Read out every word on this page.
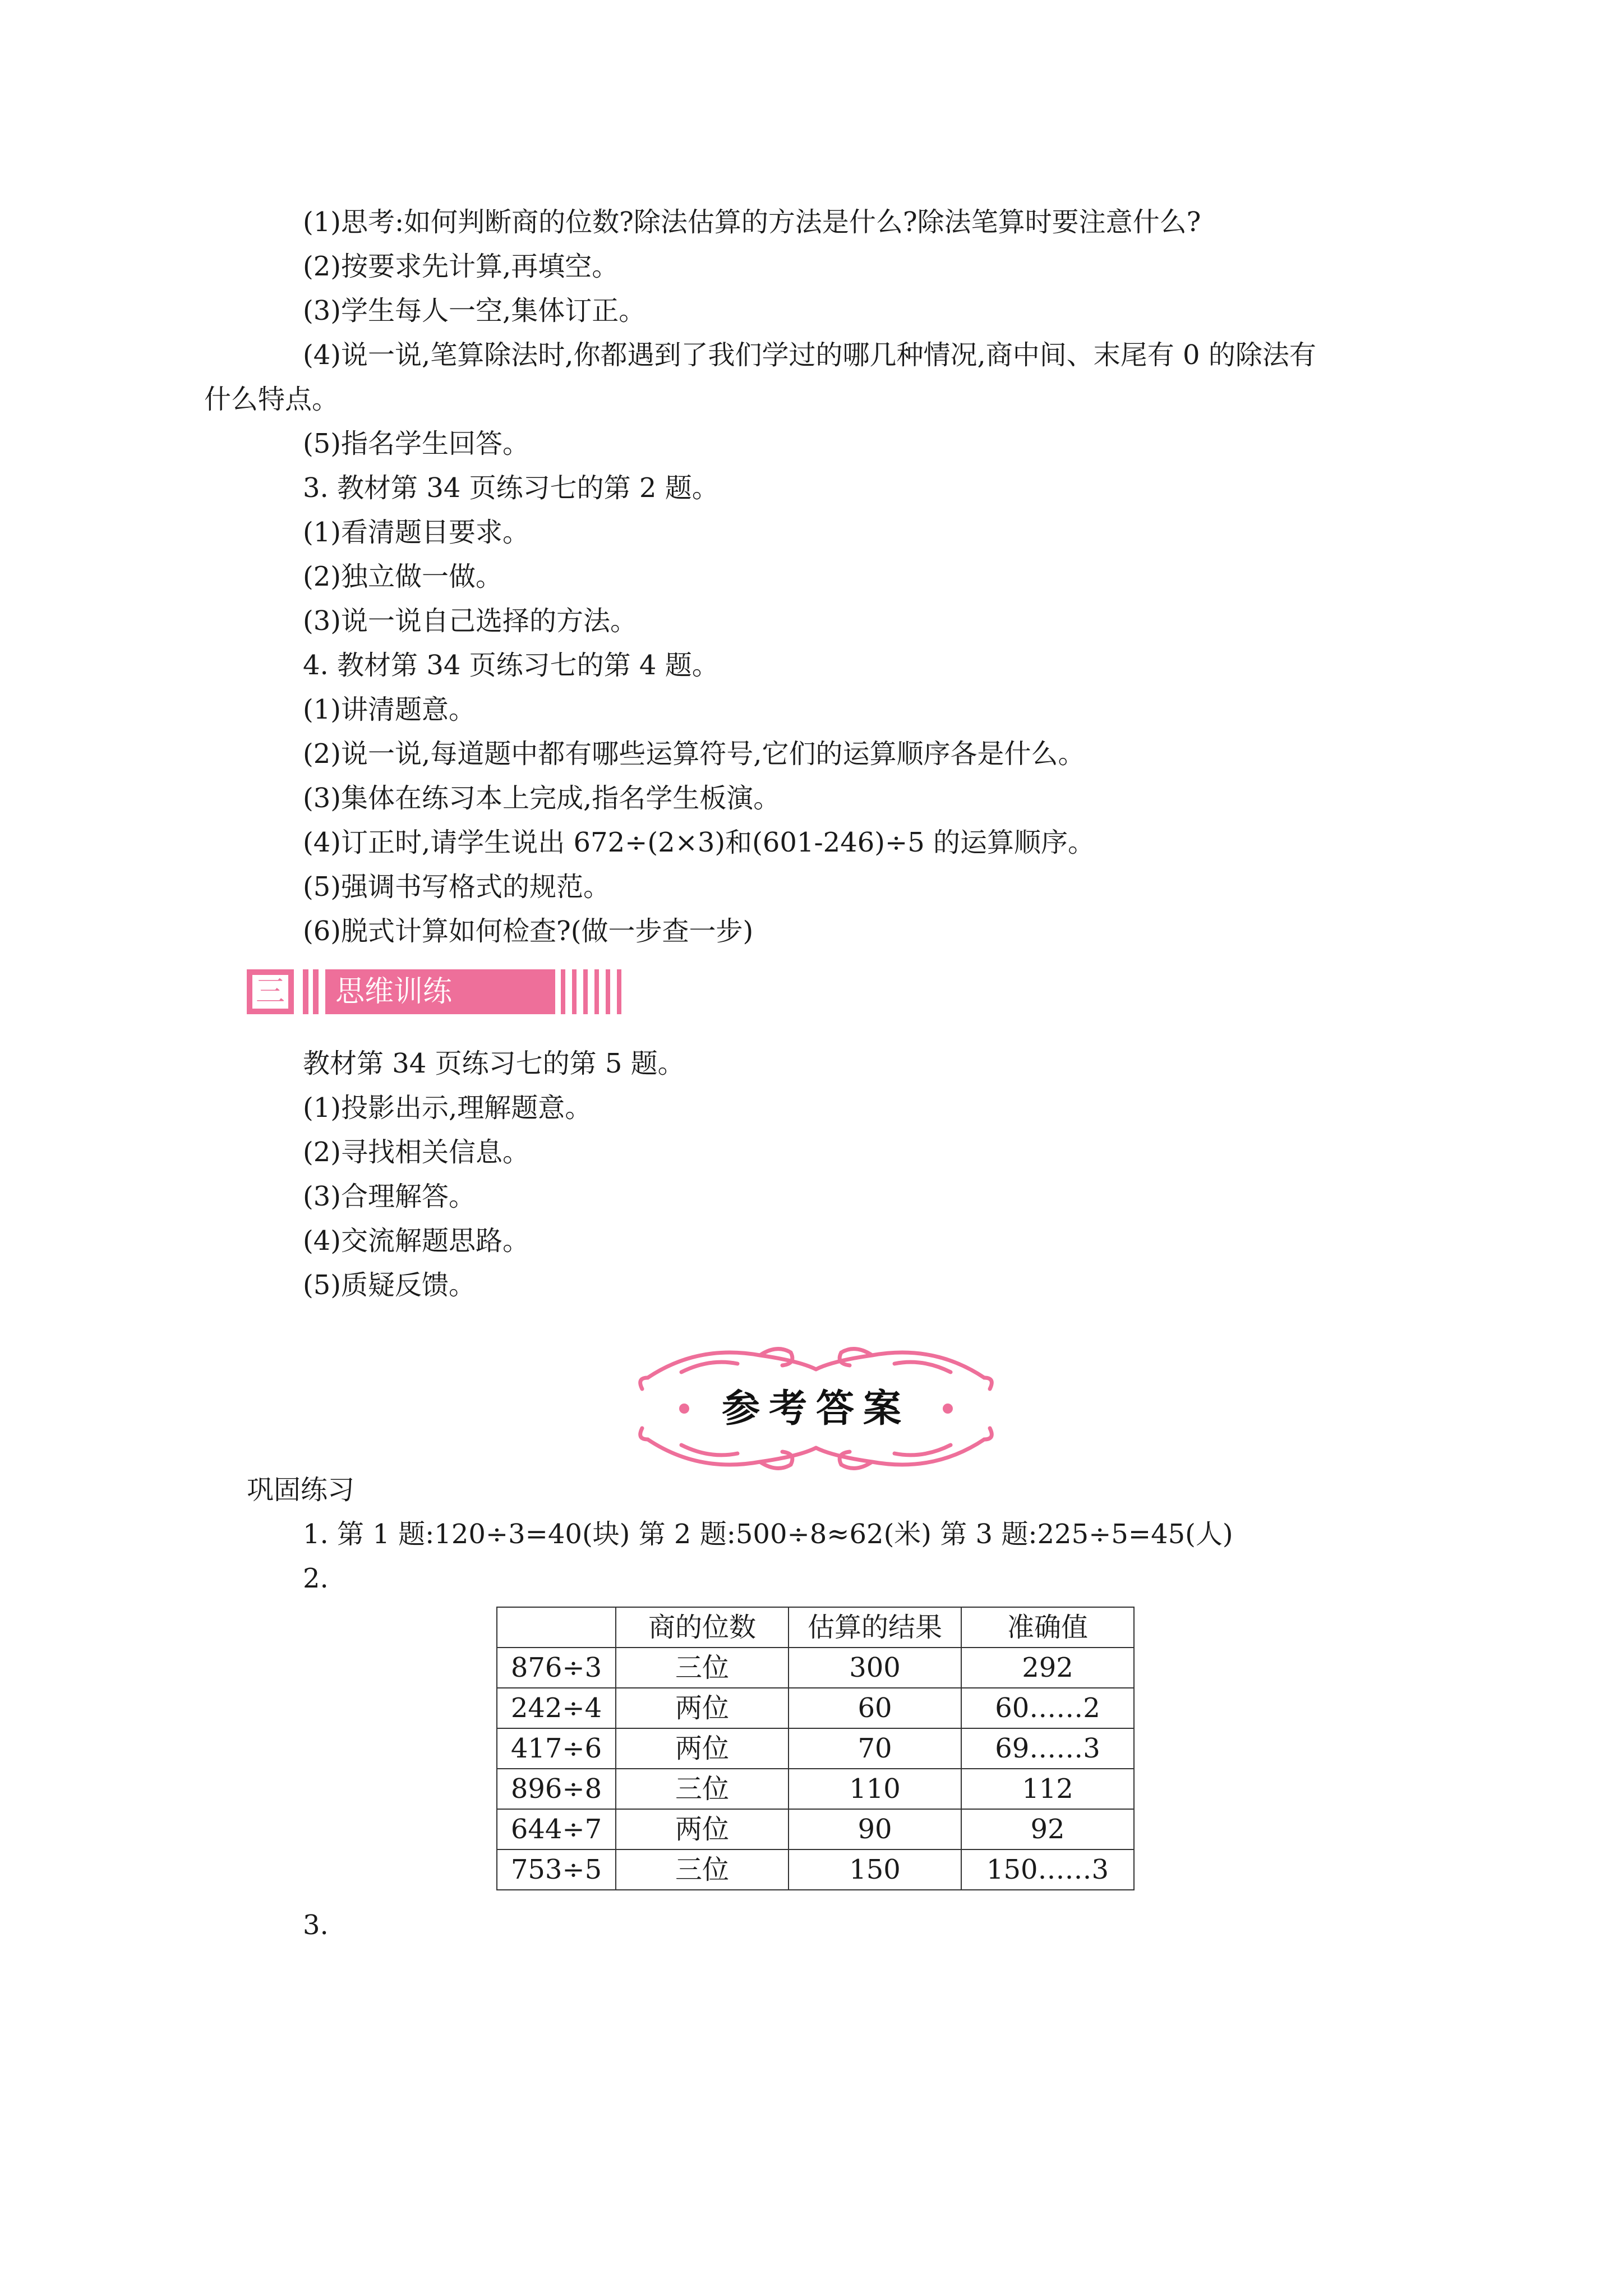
(1)思考:如何判断商的位数?除法估算的方法是什么?除法笔算时要注意什么?
(2)按要求先计算,再填空。
(3)学生每人一空,集体订正。
(4)说一说,笔算除法时,你都遇到了我们学过的哪几种情况,商中间、末尾有 0 的除法有
什么特点。
(5)指名学生回答。
3. 教材第 34 页练习七的第 2 题。
(1)看清题目要求。
(2)独立做一做。
(3)说一说自己选择的方法。
4. 教材第 34 页练习七的第 4 题。
(1)讲清题意。
(2)说一说,每道题中都有哪些运算符号,它们的运算顺序各是什么。
(3)集体在练习本上完成,指名学生板演。
(4)订正时,请学生说出 672÷(2×3)和(601-246)÷5 的运算顺序。
(5)强调书写格式的规范。
(6)脱式计算如何检查?(做一步查一步)
三	思维训练
教材第 34 页练习七的第 5 题。
(1)投影出示,理解题意。
(2)寻找相关信息。
(3)合理解答。
(4)交流解题思路。
(5)质疑反馈。
参考答案
巩固练习
1. 第 1 题:120÷3=40(块) 第 2 题:500÷8≈62(米) 第 3 题:225÷5=45(人)
2.
	商的位数	估算的结果	准确值
876÷3	三位	300	292
242÷4	两位	60	60……2
417÷6	两位	70	69……3
896÷8	三位	110	112
644÷7	两位	90	92
753÷5	三位	150	150……3
3.
